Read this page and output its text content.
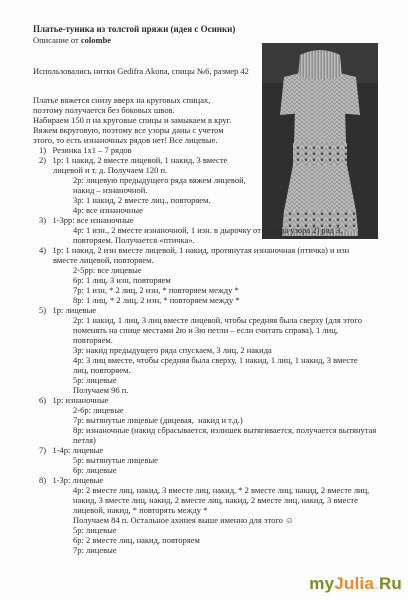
Платье-туника из толстой пряжи (идея с Осинки)
Описание от colombe
Использовались нитки Gedifra Akona, спицы №6, размер 42
Платье вяжется снизу вверх на круговых спицах,
поэтому получается без боковых швов.
Набираем 150 п на круговые спицы и замыкаем в круг.
Вяжем вкруговую, поэтому все узоры даны с учетом
этого, то есть изнаночных рядов нет! Все лицевые.
1)   Резинка 1х1 – 7 рядов
2)   1р: 1 накид, 2 вместе лицевой, 1 накид, 3 вместе
лицевой и т. д. Получаем 120 п.
2р: лицевую предыдущего ряда вяжем лицевой,
накид – изнаночной.
3р: 1 накид, 2 вместе лиц., повторяем.
4р: все изнаночные
3)   1-3рр: все изнаночные
4р: 1 изн., 2 вместе изнаночной, 1 изн. в дырочку от накида узора 2) ряд 3,
повторяем. Получается «птичка».
4)   1р: 1 накид, 2 изн вместе лицевой, 1 накид, протянутая изнаночная (птичка) и изн
вместе лицевой, повторяем.
2-5рр: все лицевые
6р: 1 лиц, 3 изн, повторяем
7р: 1 изн, * 2 лиц, 2 изн, * повторяем между *
8р: 1 лиц, * 2 лиц, 2 изн, * повторяем между *
5)   1р: лицевые
2р: 1 накид, 1 лиц, 3 лиц вместе лицевой, чтобы средняя была сверху (для этого
поменять на спице местами 2ю и 3ю петли – если считать справа), 1 лиц,
повторяем.
3р: накид предыдущего ряда спускаем, 3 лиц, 2 накида
4р: 3 лиц вместе, чтобы средняя была сверху, 1 накид, 1 лиц, 1 накид, 3 вместе
лиц, повторяем.
5р: лицевые
Получаем 96 п.
6)   1р: изнаночные
2-6р: лицевые
7р: вытянутые лицевые (дицевая,  накид и т.д.)
8р: изнаночные (накид сбрасывается, излишек вытягивается, получается вытянутая
петля)
7)   1-4р: лицевые
5р: вытянутые лицевые
6р: лицевые
8)   1-3р: лицевые
4р: 2 вместе лиц, накид, 3 вместе лиц, накид, * 2 вместе лиц, накид, 2 вместе лиц,
накид, 3 вместе лиц, накид, 2 вместе лиц, накид, 2 вместе лиц, накид, 3 вместе
лицевой, накид, * повторять между *
Получаем 84 п. Остальное ахинея выше именно для этого ☺
5р: лицевые
6р: 2 вместе лиц, накид, повторяем
7р: лицевые
myJulia.Ru
